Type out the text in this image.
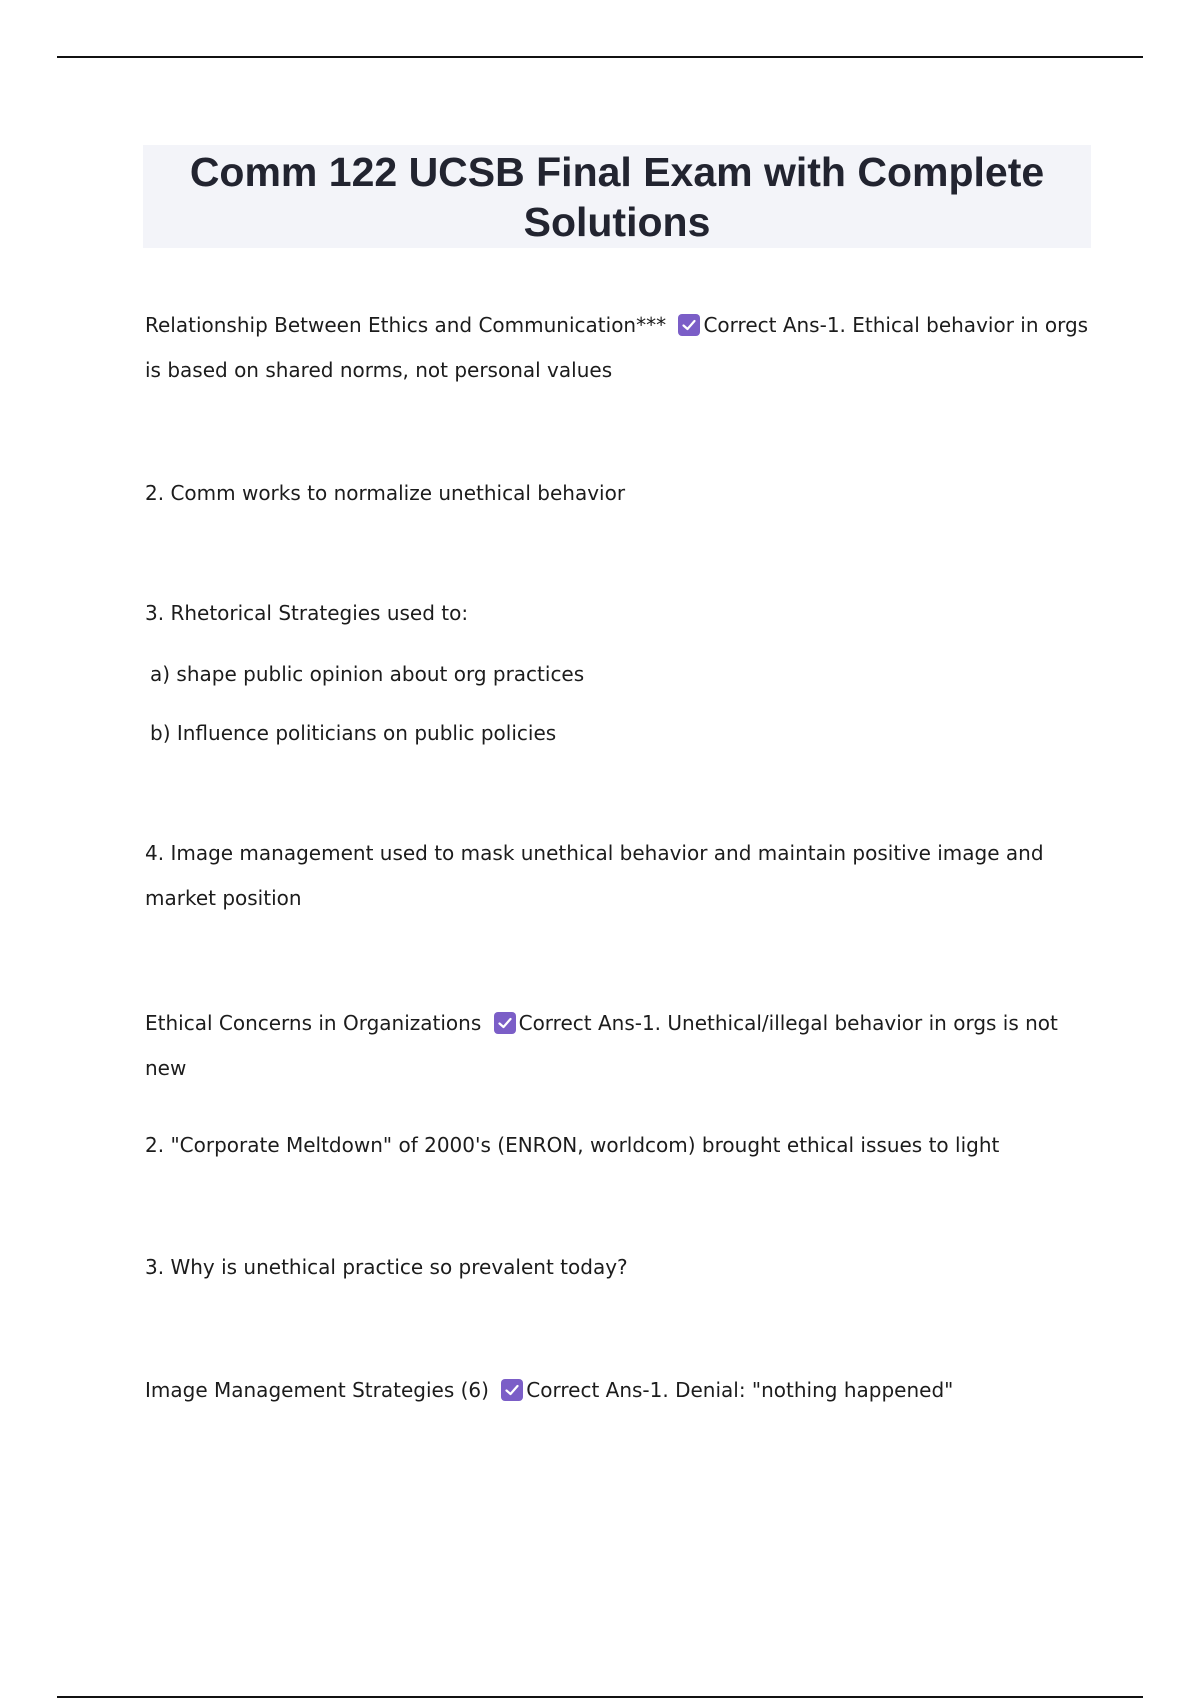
Comm 122 UCSB Final Exam with Complete Solutions

Relationship Between Ethics and Communication*** Correct Ans-1. Ethical behavior in orgs is based on shared norms, not personal values

2. Comm works to normalize unethical behavior

3. Rhetorical Strategies used to:

a) shape public opinion about org practices

b) Influence politicians on public policies

4. Image management used to mask unethical behavior and maintain positive image and market position

Ethical Concerns in Organizations Correct Ans-1. Unethical/illegal behavior in orgs is not new

2. "Corporate Meltdown" of 2000's (ENRON, worldcom) brought ethical issues to light

3. Why is unethical practice so prevalent today?

Image Management Strategies (6) Correct Ans-1. Denial: "nothing happened"
